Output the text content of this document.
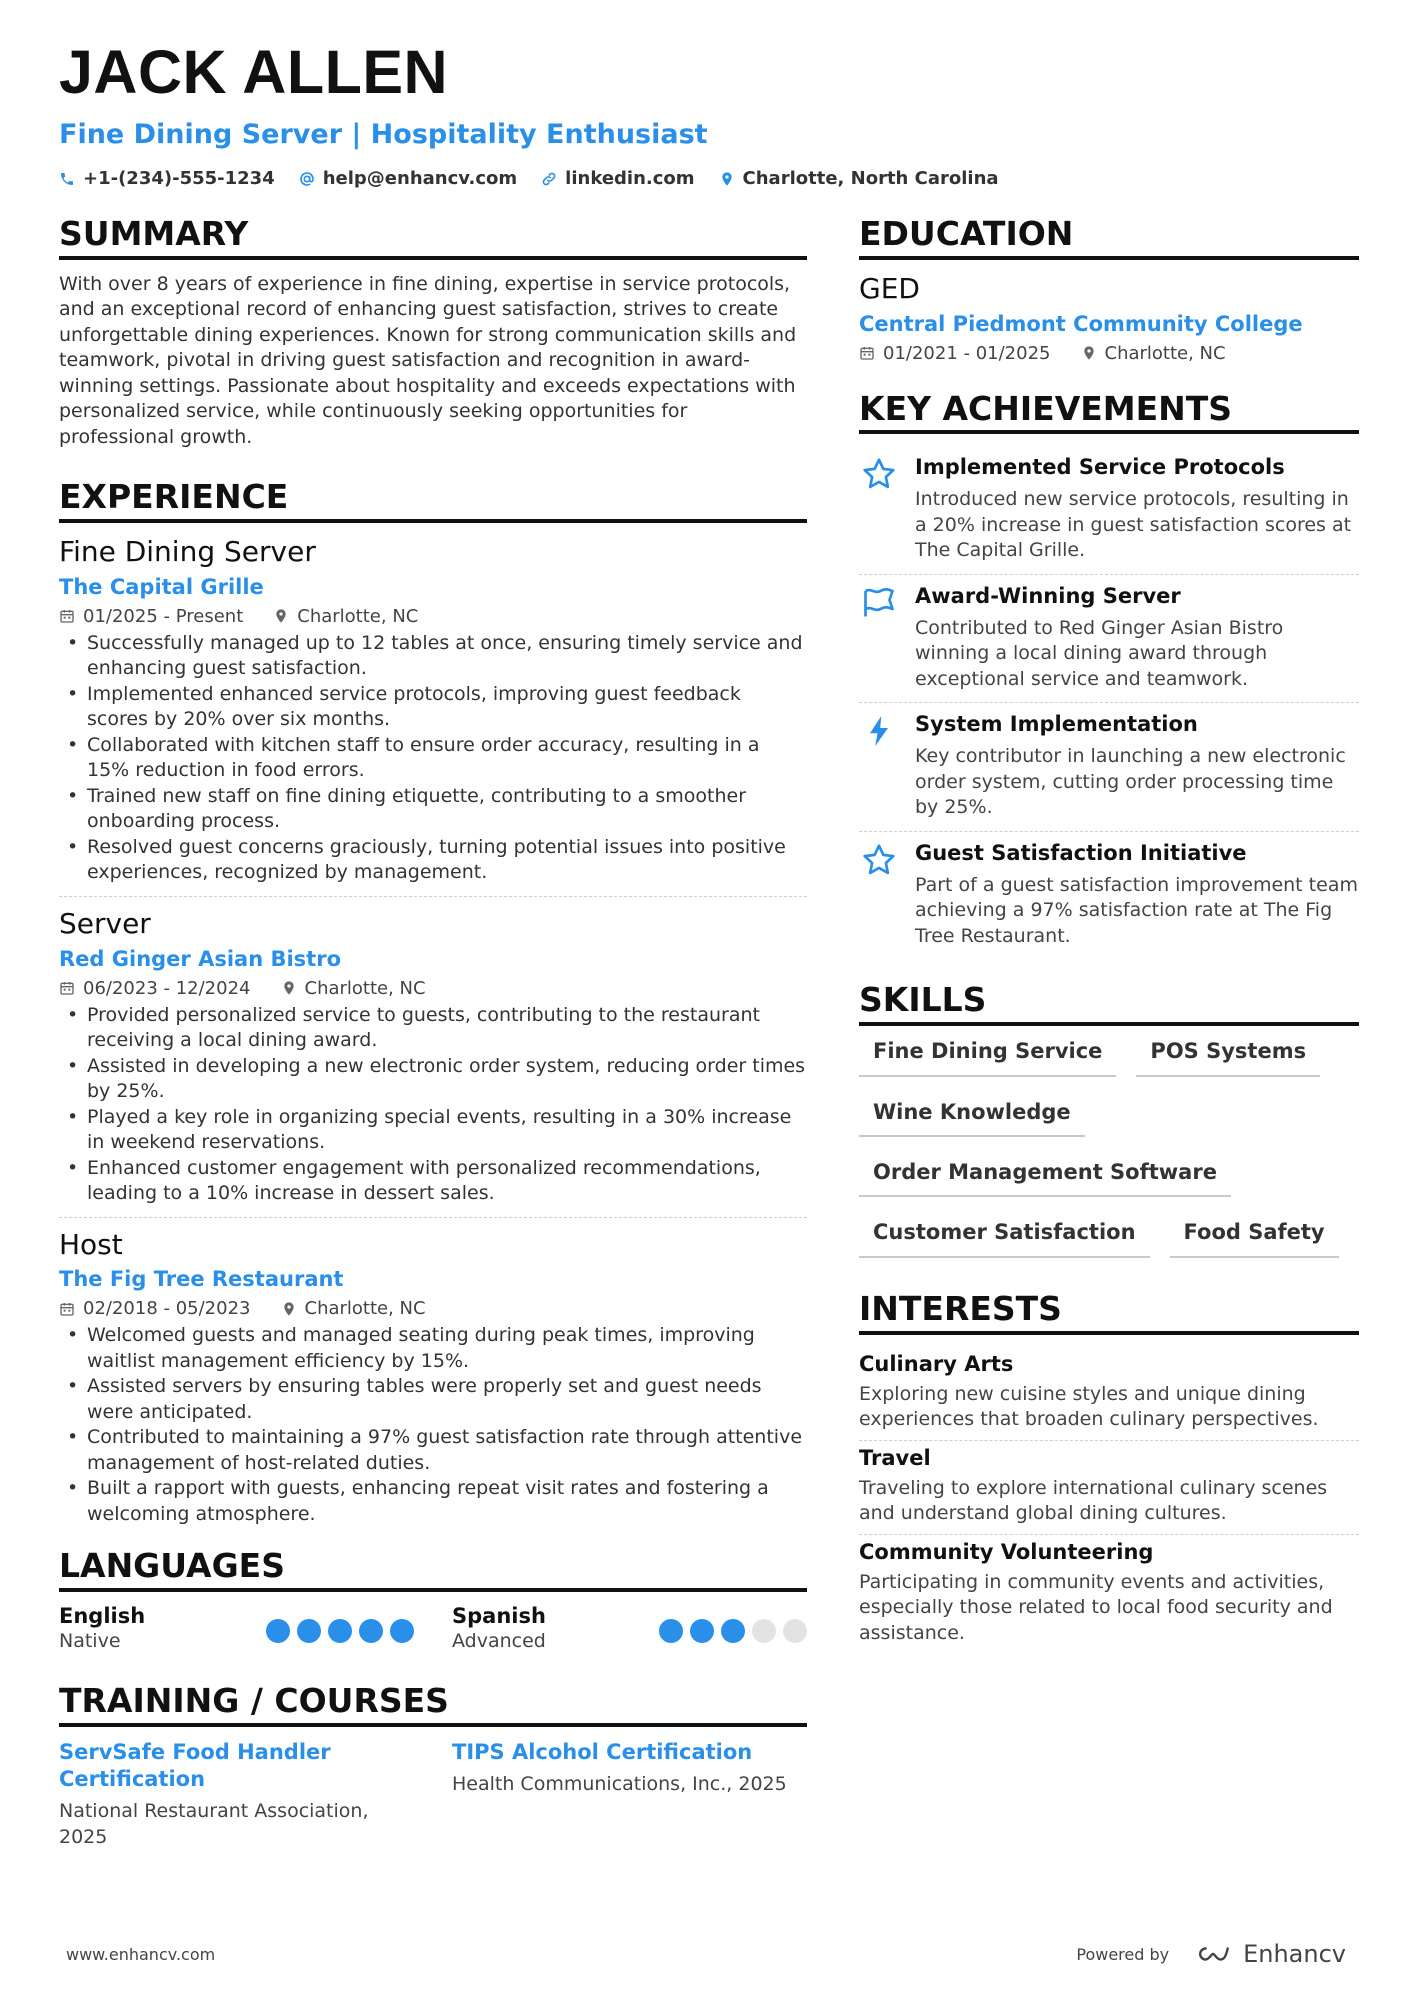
JACK ALLEN
Fine Dining Server | Hospitality Enthusiast
+1-(234)-555-1234	help@enhancv.com	linkedin.com	Charlotte, North Carolina
SUMMARY
With over 8 years of experience in fine dining, expertise in service protocols, and an exceptional record of enhancing guest satisfaction, strives to create unforgettable dining experiences. Known for strong communication skills and teamwork, pivotal in driving guest satisfaction and recognition in award-winning settings. Passionate about hospitality and exceeds expectations with personalized service, while continuously seeking opportunities for professional growth.
EXPERIENCE
Fine Dining Server
The Capital Grille
01/2025 - Present	Charlotte, NC
• Successfully managed up to 12 tables at once, ensuring timely service and enhancing guest satisfaction.
• Implemented enhanced service protocols, improving guest feedback scores by 20% over six months.
• Collaborated with kitchen staff to ensure order accuracy, resulting in a 15% reduction in food errors.
• Trained new staff on fine dining etiquette, contributing to a smoother onboarding process.
• Resolved guest concerns graciously, turning potential issues into positive experiences, recognized by management.
Server
Red Ginger Asian Bistro
06/2023 - 12/2024	Charlotte, NC
• Provided personalized service to guests, contributing to the restaurant receiving a local dining award.
• Assisted in developing a new electronic order system, reducing order times by 25%.
• Played a key role in organizing special events, resulting in a 30% increase in weekend reservations.
• Enhanced customer engagement with personalized recommendations, leading to a 10% increase in dessert sales.
Host
The Fig Tree Restaurant
02/2018 - 05/2023	Charlotte, NC
• Welcomed guests and managed seating during peak times, improving waitlist management efficiency by 15%.
• Assisted servers by ensuring tables were properly set and guest needs were anticipated.
• Contributed to maintaining a 97% guest satisfaction rate through attentive management of host-related duties.
• Built a rapport with guests, enhancing repeat visit rates and fostering a welcoming atmosphere.
LANGUAGES
English
Native
Spanish
Advanced
TRAINING / COURSES
ServSafe Food Handler Certification
National Restaurant Association, 2025
TIPS Alcohol Certification
Health Communications, Inc., 2025
EDUCATION
GED
Central Piedmont Community College
01/2021 - 01/2025	Charlotte, NC
KEY ACHIEVEMENTS
Implemented Service Protocols
Introduced new service protocols, resulting in a 20% increase in guest satisfaction scores at The Capital Grille.
Award-Winning Server
Contributed to Red Ginger Asian Bistro winning a local dining award through exceptional service and teamwork.
System Implementation
Key contributor in launching a new electronic order system, cutting order processing time by 25%.
Guest Satisfaction Initiative
Part of a guest satisfaction improvement team achieving a 97% satisfaction rate at The Fig Tree Restaurant.
SKILLS
Fine Dining Service	POS Systems
Wine Knowledge
Order Management Software
Customer Satisfaction	Food Safety
INTERESTS
Culinary Arts
Exploring new cuisine styles and unique dining experiences that broaden culinary perspectives.
Travel
Traveling to explore international culinary scenes and understand global dining cultures.
Community Volunteering
Participating in community events and activities, especially those related to local food security and assistance.
www.enhancv.com	Powered by	Enhancv
